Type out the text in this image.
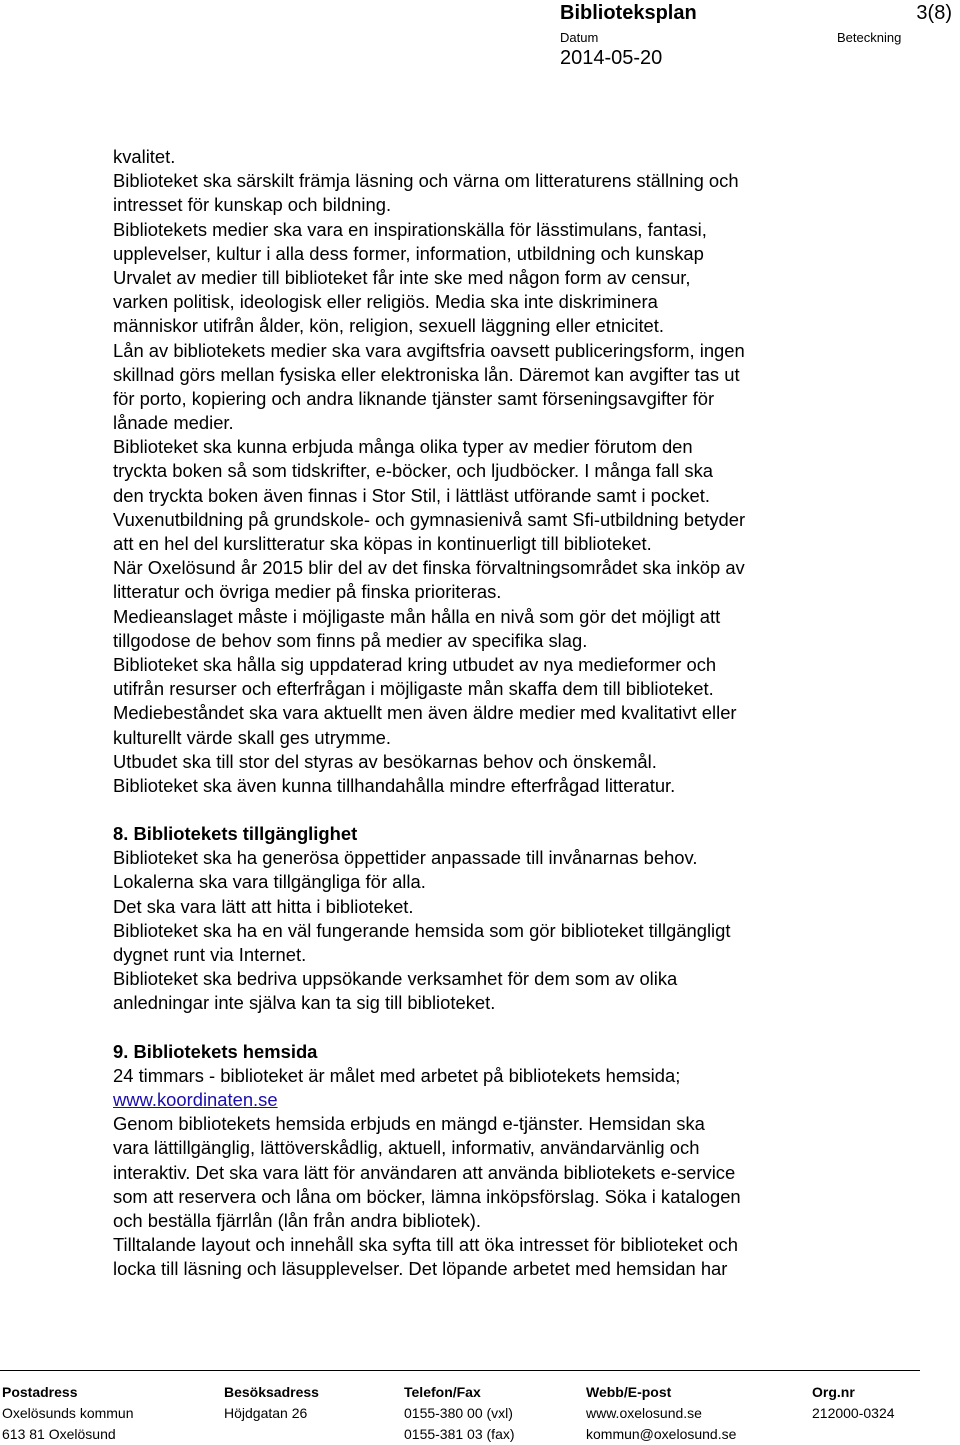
Biblioteksplan	3(8)
Datum
2014-05-20
Beteckning
kvalitet.
Biblioteket ska särskilt främja läsning och värna om litteraturens ställning och
intresset för kunskap och bildning.
Bibliotekets medier ska vara en inspirationskälla för lässtimulans, fantasi,
upplevelser, kultur i alla dess former, information, utbildning och kunskap
Urvalet av medier till biblioteket får inte ske med någon form av censur,
varken politisk, ideologisk eller religiös. Media ska inte diskriminera
människor utifrån ålder, kön, religion, sexuell läggning eller etnicitet.
Lån av bibliotekets medier ska vara avgiftsfria oavsett publiceringsform, ingen
skillnad görs mellan fysiska eller elektroniska lån. Däremot kan avgifter tas ut
för porto, kopiering och andra liknande tjänster samt förseningsavgifter för
lånade medier.
Biblioteket ska kunna erbjuda många olika typer av medier förutom den
tryckta boken så som tidskrifter, e-böcker, och ljudböcker. I många fall ska
den tryckta boken även finnas i Stor Stil, i lättläst utförande samt i pocket.
Vuxenutbildning på grundskole- och gymnasienivå samt Sfi-utbildning betyder
att en hel del kurslitteratur ska köpas in kontinuerligt till biblioteket.
När Oxelösund år 2015 blir del av det finska förvaltningsområdet ska inköp av
litteratur och övriga medier på finska prioriteras.
Medieanslaget måste i möjligaste mån hålla en nivå som gör det möjligt att
tillgodose de behov som finns på medier av specifika slag.
Biblioteket ska hålla sig uppdaterad kring utbudet av nya medieformer och
utifrån resurser och efterfrågan i möjligaste mån skaffa dem till biblioteket.
Mediebeståndet ska vara aktuellt men även äldre medier med kvalitativt eller
kulturellt värde skall ges utrymme.
Utbudet ska till stor del styras av besökarnas behov och önskemål.
Biblioteket ska även kunna tillhandahålla mindre efterfrågad litteratur.
8. Bibliotekets tillgänglighet
Biblioteket ska ha generösa öppettider anpassade till invånarnas behov.
Lokalerna ska vara tillgängliga för alla.
Det ska vara lätt att hitta i biblioteket.
Biblioteket ska ha en väl fungerande hemsida som gör biblioteket tillgängligt
dygnet runt via Internet.
Biblioteket ska bedriva uppsökande verksamhet för dem som av olika
anledningar inte själva kan ta sig till biblioteket.
9. Bibliotekets hemsida
24 timmars - biblioteket är målet med arbetet på bibliotekets hemsida;
www.koordinaten.se
Genom bibliotekets hemsida erbjuds en mängd e-tjänster. Hemsidan ska
vara lättillgänglig, lättöverskådlig, aktuell, informativ, användarvänlig och
interaktiv. Det ska vara lätt för användaren att använda bibliotekets e-service
som att reservera och låna om böcker, lämna inköpsförslag. Söka i katalogen
och beställa fjärrlån (lån från andra bibliotek).
Tilltalande layout och innehåll ska syfta till att öka intresset för biblioteket och
locka till läsning och läsupplevelser. Det löpande arbetet med hemsidan har
Postadress
Oxelösunds kommun
613 81 Oxelösund
Besöksadress
Höjdgatan 26
Telefon/Fax
0155-380 00 (vxl)
0155-381 03 (fax)
Webb/E-post
www.oxelosund.se
kommun@oxelosund.se
Org.nr
212000-0324
